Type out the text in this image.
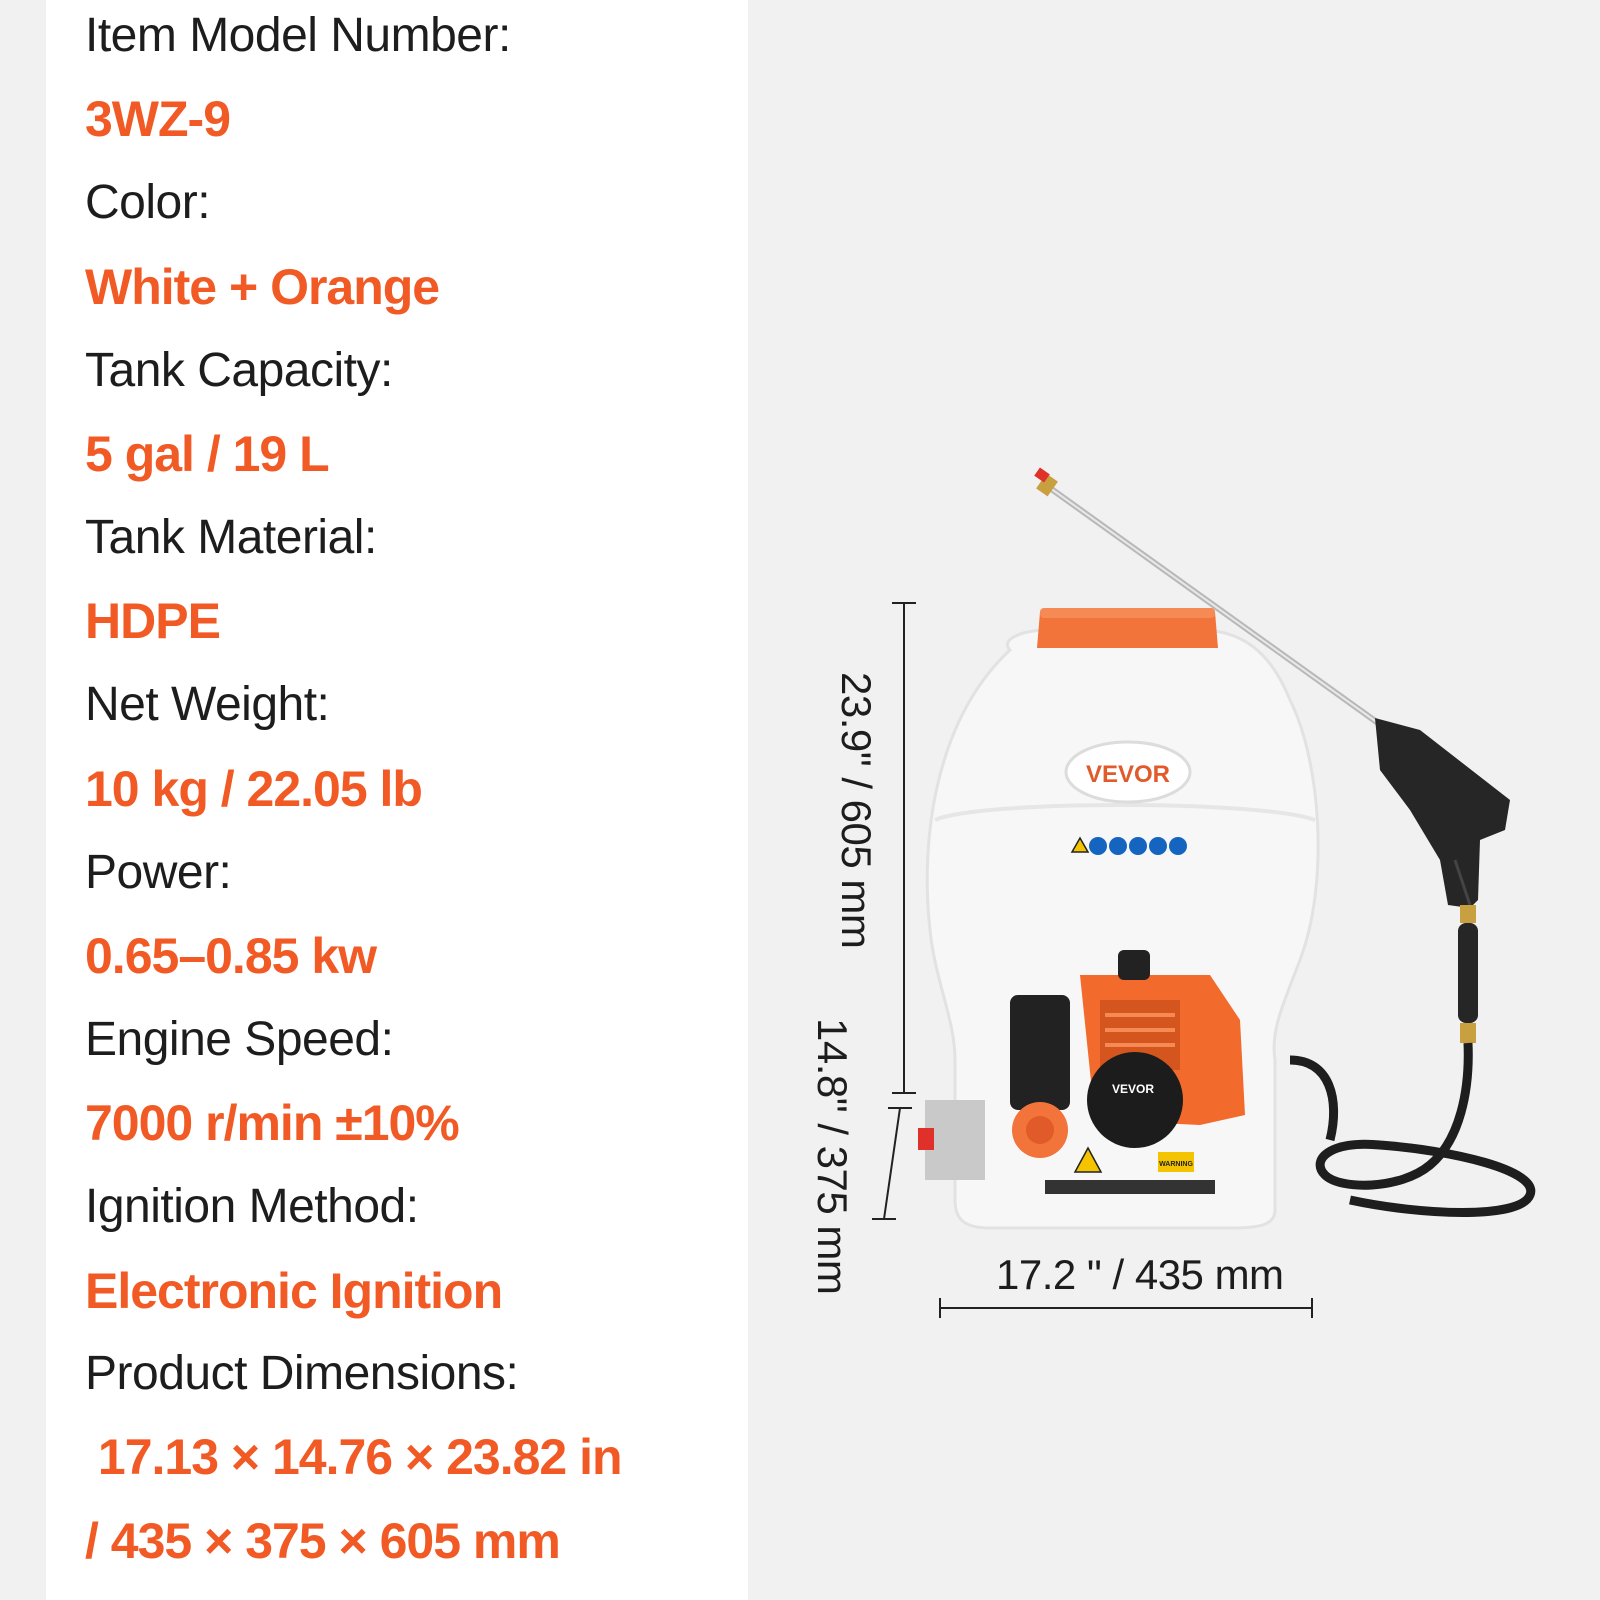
Item Model Number:
3WZ-9
Color:
White + Orange
Tank Capacity:
5 gal / 19 L
Tank Material:
HDPE
Net Weight:
10 kg / 22.05 lb
Power:
0.65–0.85 kw
Engine Speed:
7000 r/min ±10%
Ignition Method:
Electronic Ignition
Product Dimensions:
17.13 × 14.76 × 23.82 in
/ 435 × 375 × 605 mm
VEVOR
VEVOR
WARNING
23.9" / 605 mm
14.8" / 375 mm	17.2 " / 435 mm
